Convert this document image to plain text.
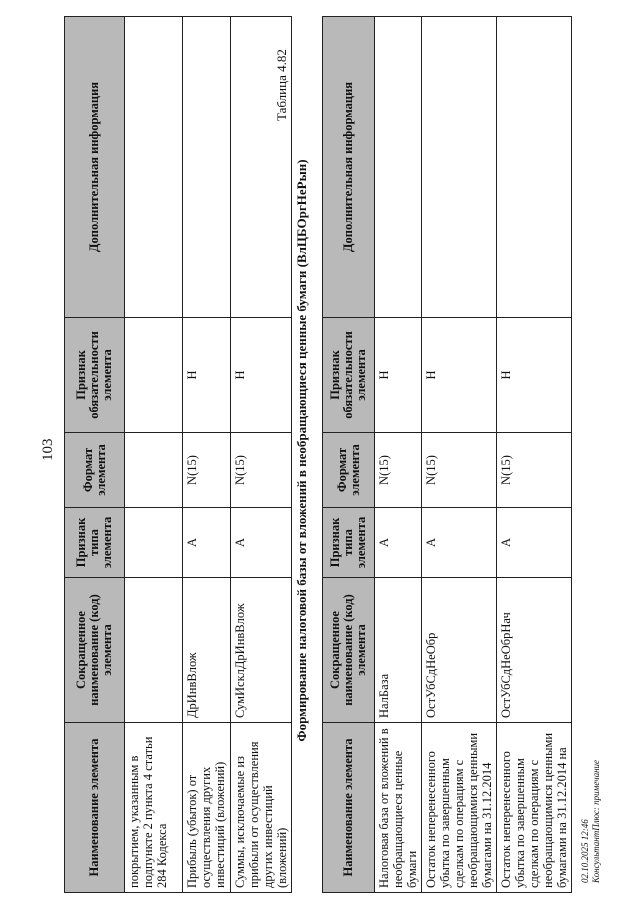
103
Наименование элемента	Сокращенное наименование (код) элемента	Признак типа элемента	Формат элемента	Признак обязательности элемента	Дополнительная информация
покрытием, указанным в подпункте 2 пункта 4 статьи 284 Кодекса					
Прибыль (убыток) от осуществления других инвестиций (вложений)	ДрИнвВлож	А	N(15)	Н	
Суммы, исключаемые из прибыли от осуществления других инвестиций (вложений)	СумИсклДрИнвВлож	А	N(15)	Н	
Таблица 4.82
Формирование налоговой базы от вложений в необращающиеся ценные бумаги (ВлЦБОргНеРын)
Наименование элемента	Сокращенное наименование (код) элемента	Признак типа элемента	Формат элемента	Признак обязательности элемента	Дополнительная информация
Налоговая база от вложений в необращающиеся ценные бумаги	НалБаза	А	N(15)	Н	
Остаток неперенесенного убытка по завершенным сделкам по операциям с необращающимися ценными бумагами на 31.12.2014	ОстУбСдНеОбр	А	N(15)	Н	
Остаток неперенесенного убытка по завершенным сделкам по операциям с необращающимися ценными бумагами на 31.12.2014 на	ОстУбСдНеОбрНач	А	N(15)	Н	
02.10.2025 12:46 КонсультантПлюс: примечание
